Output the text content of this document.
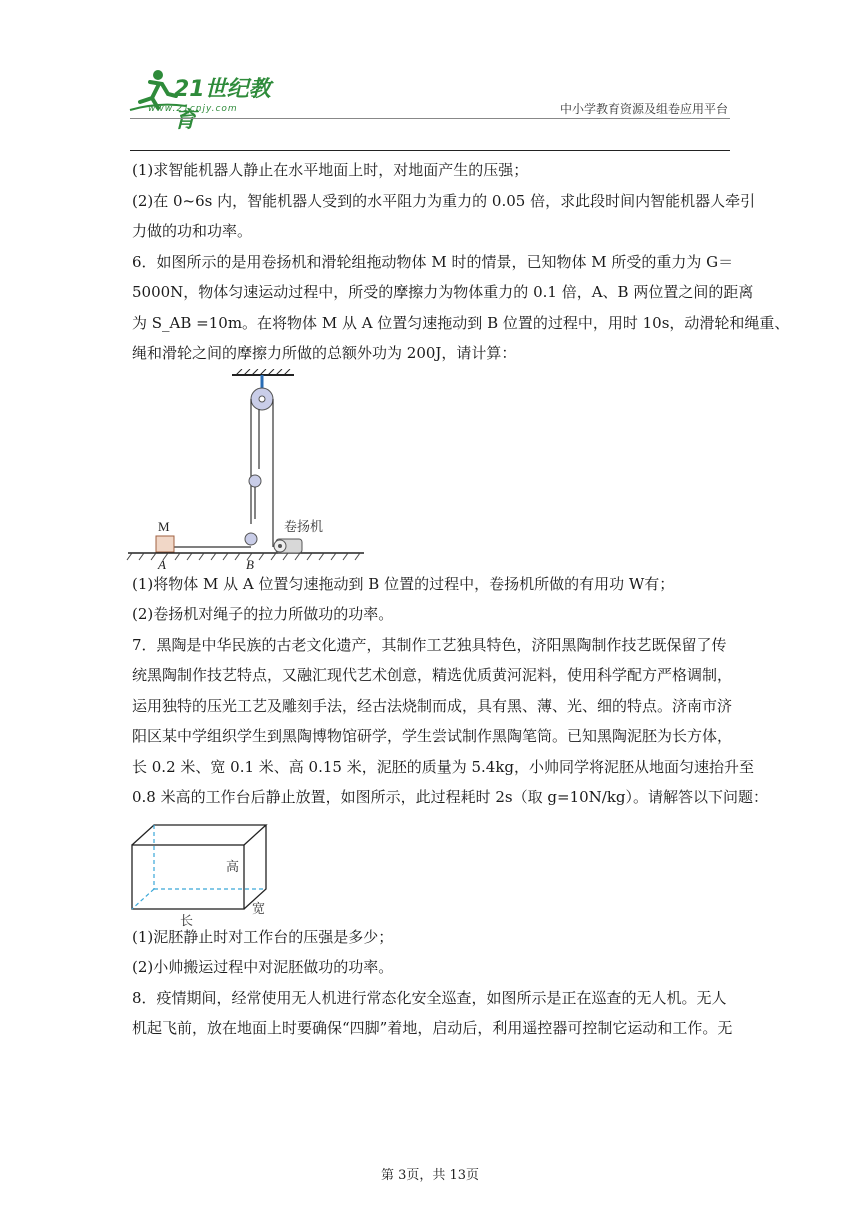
21世纪教育
www.21cnjy.com	中小学教育资源及组卷应用平台

(1)求智能机器人静止在水平地面上时，对地面产生的压强；

(2)在 0~6s 内，智能机器人受到的水平阻力为重力的 0.05 倍，求此段时间内智能机器人牵引
力做的功和功率。

6．如图所示的是用卷扬机和滑轮组拖动物体 M 时的情景，已知物体 M 所受的重力为 G＝
5000N，物体匀速运动过程中，所受的摩擦力为物体重力的 0.1 倍，A、B 两位置之间的距离
为 S_AB =10m。在将物体 M 从 A 位置匀速拖动到 B 位置的过程中，用时 10s，动滑轮和绳重、
绳和滑轮之间的摩擦力所做的总额外功为 200J，请计算：

M	卷扬机
A	B

(1)将物体 M 从 A 位置匀速拖动到 B 位置的过程中，卷扬机所做的有用功 W有；

(2)卷扬机对绳子的拉力所做功的功率。

7．黑陶是中华民族的古老文化遗产，其制作工艺独具特色，济阳黑陶制作技艺既保留了传
统黑陶制作技艺特点，又融汇现代艺术创意，精选优质黄河泥料，使用科学配方严格调制，
运用独特的压光工艺及雕刻手法，经古法烧制而成，具有黑、薄、光、细的特点。济南市济
阳区某中学组织学生到黑陶博物馆研学，学生尝试制作黑陶笔筒。已知黑陶泥胚为长方体，
长 0.2 米、宽 0.1 米、高 0.15 米，泥胚的质量为 5.4kg，小帅同学将泥胚从地面匀速抬升至
0.8 米高的工作台后静止放置，如图所示，此过程耗时 2s（取 g=10N/kg）。请解答以下问题：

高
宽
长

(1)泥胚静止时对工作台的压强是多少；

(2)小帅搬运过程中对泥胚做功的功率。

8．疫情期间，经常使用无人机进行常态化安全巡查，如图所示是正在巡查的无人机。无人
机起飞前，放在地面上时要确保“四脚”着地，启动后，利用遥控器可控制它运动和工作。无

第 3页，共 13页
